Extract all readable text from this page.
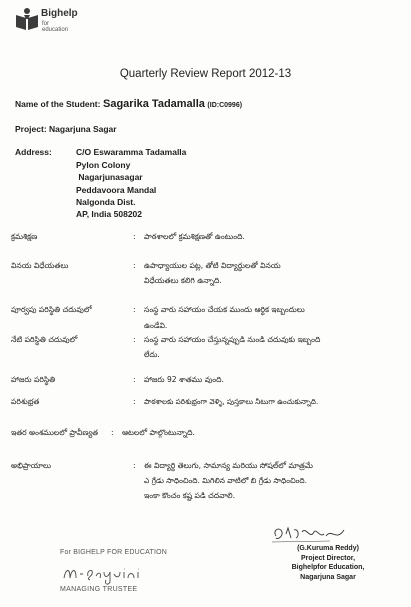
Bighelp
for education
Quarterly Review Report 2012-13
Name of the Student: Sagarika Tadamalla (ID:C0996)
Project: Nagarjuna Sagar
Address:	C/O Eswaramma Tadamalla
Pylon Colony
Nagarjunasagar
Peddavoora Mandal
Nalgonda Dist.
AP, India 508202
క్రమశిక్షణ	: పాఠశాలలో క్రమశిక్షణతో ఉంటుంది.
వినయ విధేయతలు	: ఉపాధ్యాయుల పట్ల, తోటి విద్యార్థులతో వినయ
విధేయతలు కలిగి ఉన్నాది.
పూర్వపు పరిస్థితి చదువులో	: సంస్థ వారు సహాయం చేయక ముందు ఆర్థిక ఇబ్బందులు
ఉండేవి.
నేటి పరిస్థితి చదువులో	: సంస్థ వారు సహాయం చేస్తున్నప్పుడి నుండి చదువుకు ఇబ్బంది
లేదు.
హాజరు పరిస్థితి	: హాజరు 92 శాతము వుంది.
పరిశుభ్రత	: పాఠశాలకు పరిశుభ్రంగా వెళ్ళి, పుస్తకాలు నీటుగా ఉంచుకున్నాది.
ఇతర అంశములలో ప్రావీణ్యత : ఆటలలో పాల్గొంటున్నాది.
అభిప్రాయాలు	: ఈ విద్యార్థి తెలుగు, సామాన్య మరియు సోషల్‌లో మాత్రమే
ఎ గ్రేడు సాధించింది. మిగిలిన వాటిలో బి గ్రేడు సాధించింది.
ఇంకా కొంచం కష్ట పడి చదవాలి.
(G.Kuruma Reddy)
Project Director,
Bighelpfor Education,
Nagarjuna Sagar
For BIGHELP FOR EDUCATION
MANAGING TRUSTEE
